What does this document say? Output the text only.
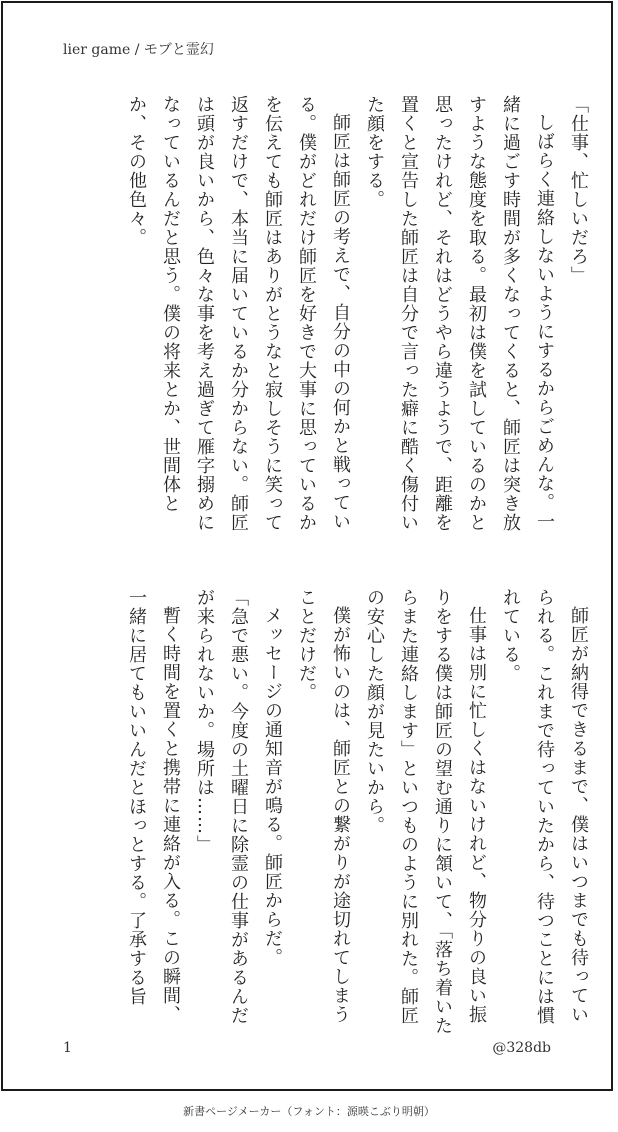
lier game / モブと霊幻

「仕事、忙しいだろ」

しばらく連絡しないようにするからごめんな。一緒に過ごす時間が多くなってくると、師匠は突き放すような態度を取る。最初は僕を試しているのかと思ったけれど、それはどうやら違うようで、距離を置くと宣告した師匠は自分で言った癖に酷く傷付いた顔をする。

師匠は師匠の考えで、自分の中の何かと戦っている。僕がどれだけ師匠を好きで大事に思っているかを伝えても師匠はありがとうなと寂しそうに笑って返すだけで、本当に届いているか分からない。師匠は頭が良いから、色々な事を考え過ぎて雁字搦めになっているんだと思う。僕の将来とか、世間体とか、その他色々。

師匠が納得できるまで、僕はいつまでも待っていられる。これまで待っていたから、待つことには慣れている。

仕事は別に忙しくはないけれど、物分りの良い振りをする僕は師匠の望む通りに頷いて、「落ち着いたらまた連絡します」といつものように別れた。師匠の安心した顔が見たいから。

僕が怖いのは、師匠との繋がりが途切れてしまうことだけだ。

メッセージの通知音が鳴る。師匠からだ。

「急で悪い。今度の土曜日に除霊の仕事があるんだが来られないか。場所は……」

暫く時間を置くと携帯に連絡が入る。この瞬間、一緒に居てもいいんだとほっとする。了承する旨

1	@328db
新書ページメーカー（フォント：源暎こぶり明朝）
